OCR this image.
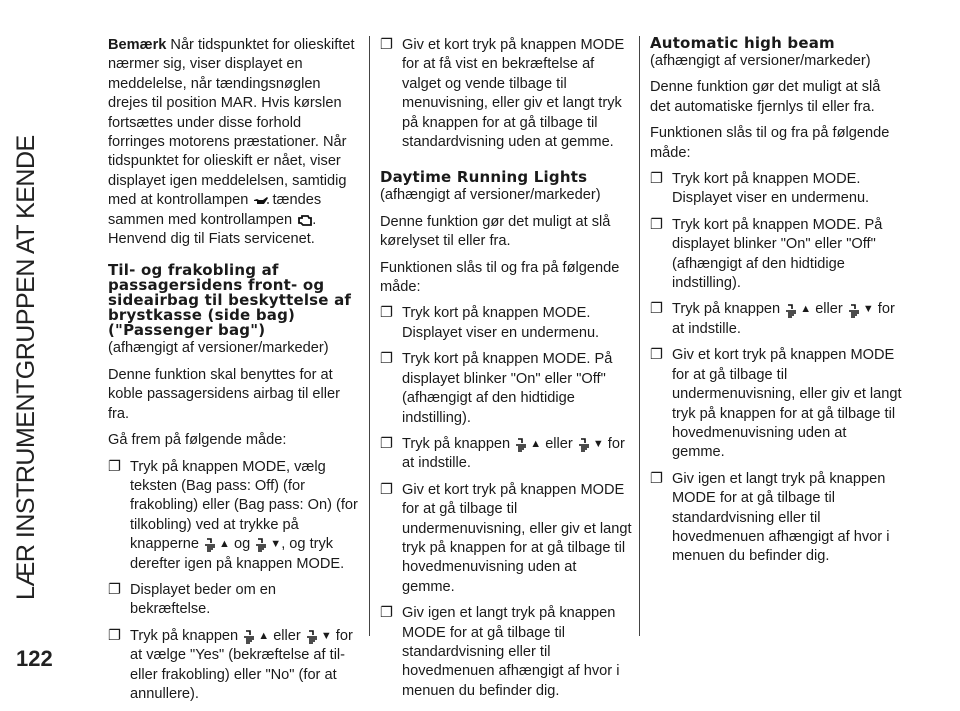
LÆR INSTRUMENTGRUPPEN AT KENDE
122

Bemærk Når tidspunktet for olieskiftet nærmer sig, viser displayet en meddelelse, når tændingsnøglen drejes til position MAR. Hvis kørslen fortsættes under disse forhold forringes motorens præstationer. Når tidspunktet for olieskift er nået, viser displayet igen meddelelsen, samtidig med at kontrollampen tændes sammen med kontrollampen . Henvend dig til Fiats servicenet.

Til- og frakobling af passagersidens front- og sideairbag til beskyttelse af brystkasse (side bag) ("Passenger bag")

(afhængigt af versioner/markeder)

Denne funktion skal benyttes for at koble passagersidens airbag til eller fra.

Gå frem på følgende måde:

❐ Tryk på knappen MODE, vælg teksten (Bag pass: Off) (for frakobling) eller (Bag pass: On) (for tilkobling) ved at trykke på knapperne ▲ og ▼, og tryk derefter igen på knappen MODE.
❐ Displayet beder om en bekræftelse.
❐ Tryk på knappen ▲ eller ▼ for at vælge "Yes" (bekræftelse af til- eller frakobling) eller "No" (for at annullere).
❐ Giv et kort tryk på knappen MODE for at få vist en bekræftelse af valget og vende tilbage til menuvisning, eller giv et langt tryk på knappen for at gå tilbage til standardvisning uden at gemme.
Daytime Running Lights

(afhængigt af versioner/markeder)

Denne funktion gør det muligt at slå kørelyset til eller fra.

Funktionen slås til og fra på følgende måde:

❐ Tryk kort på knappen MODE. Displayet viser en undermenu.
❐ Tryk kort på knappen MODE. På displayet blinker "On" eller "Off" (afhængigt af den hidtidige indstilling).
❐ Tryk på knappen ▲ eller ▼ for at indstille.
❐ Giv et kort tryk på knappen MODE for at gå tilbage til undermenuvisning, eller giv et langt tryk på knappen for at gå tilbage til hovedmenuvisning uden at gemme.
❐ Giv igen et langt tryk på knappen MODE for at gå tilbage til standardvisning eller til hovedmenuen afhængigt af hvor i menuen du befinder dig.
Automatic high beam

(afhængigt af versioner/markeder)

Denne funktion gør det muligt at slå det automatiske fjernlys til eller fra.

Funktionen slås til og fra på følgende måde:

❐ Tryk kort på knappen MODE. Displayet viser en undermenu.
❐ Tryk kort på knappen MODE. På displayet blinker "On" eller "Off" (afhængigt af den hidtidige indstilling).
❐ Tryk på knappen ▲ eller ▼ for at indstille.
❐ Giv et kort tryk på knappen MODE for at gå tilbage til undermenuvisning, eller giv et langt tryk på knappen for at gå tilbage til hovedmenuvisning uden at gemme.
❐ Giv igen et langt tryk på knappen MODE for at gå tilbage til standardvisning eller til hovedmenuen afhængigt af hvor i menuen du befinder dig.
